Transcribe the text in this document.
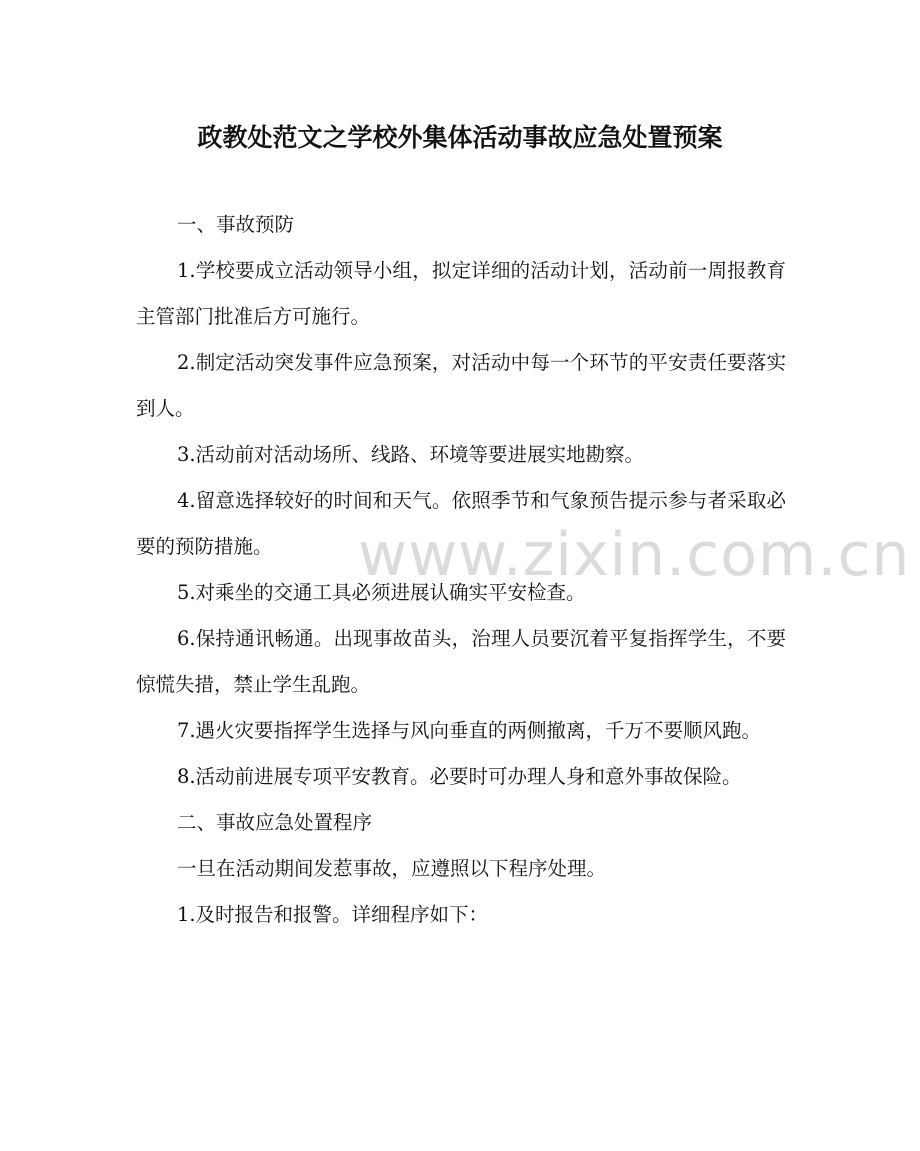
政教处范文之学校外集体活动事故应急处置预案

一、事故预防

1.学校要成立活动领导小组，拟定详细的活动计划，活动前一周报教育主管部门批准后方可施行。

2.制定活动突发事件应急预案，对活动中每一个环节的平安责任要落实到人。

3.活动前对活动场所、线路、环境等要进展实地勘察。

4.留意选择较好的时间和天气。依照季节和气象预告提示参与者采取必要的预防措施。

5.对乘坐的交通工具必须进展认确实平安检查。

6.保持通讯畅通。出现事故苗头，治理人员要沉着平复指挥学生，不要惊慌失措，禁止学生乱跑。

7.遇火灾要指挥学生选择与风向垂直的两侧撤离，千万不要顺风跑。

8.活动前进展专项平安教育。必要时可办理人身和意外事故保险。

二、事故应急处置程序

一旦在活动期间发惹事故，应遵照以下程序处理。

1.及时报告和报警。详细程序如下：

www.zixin.com.cn
